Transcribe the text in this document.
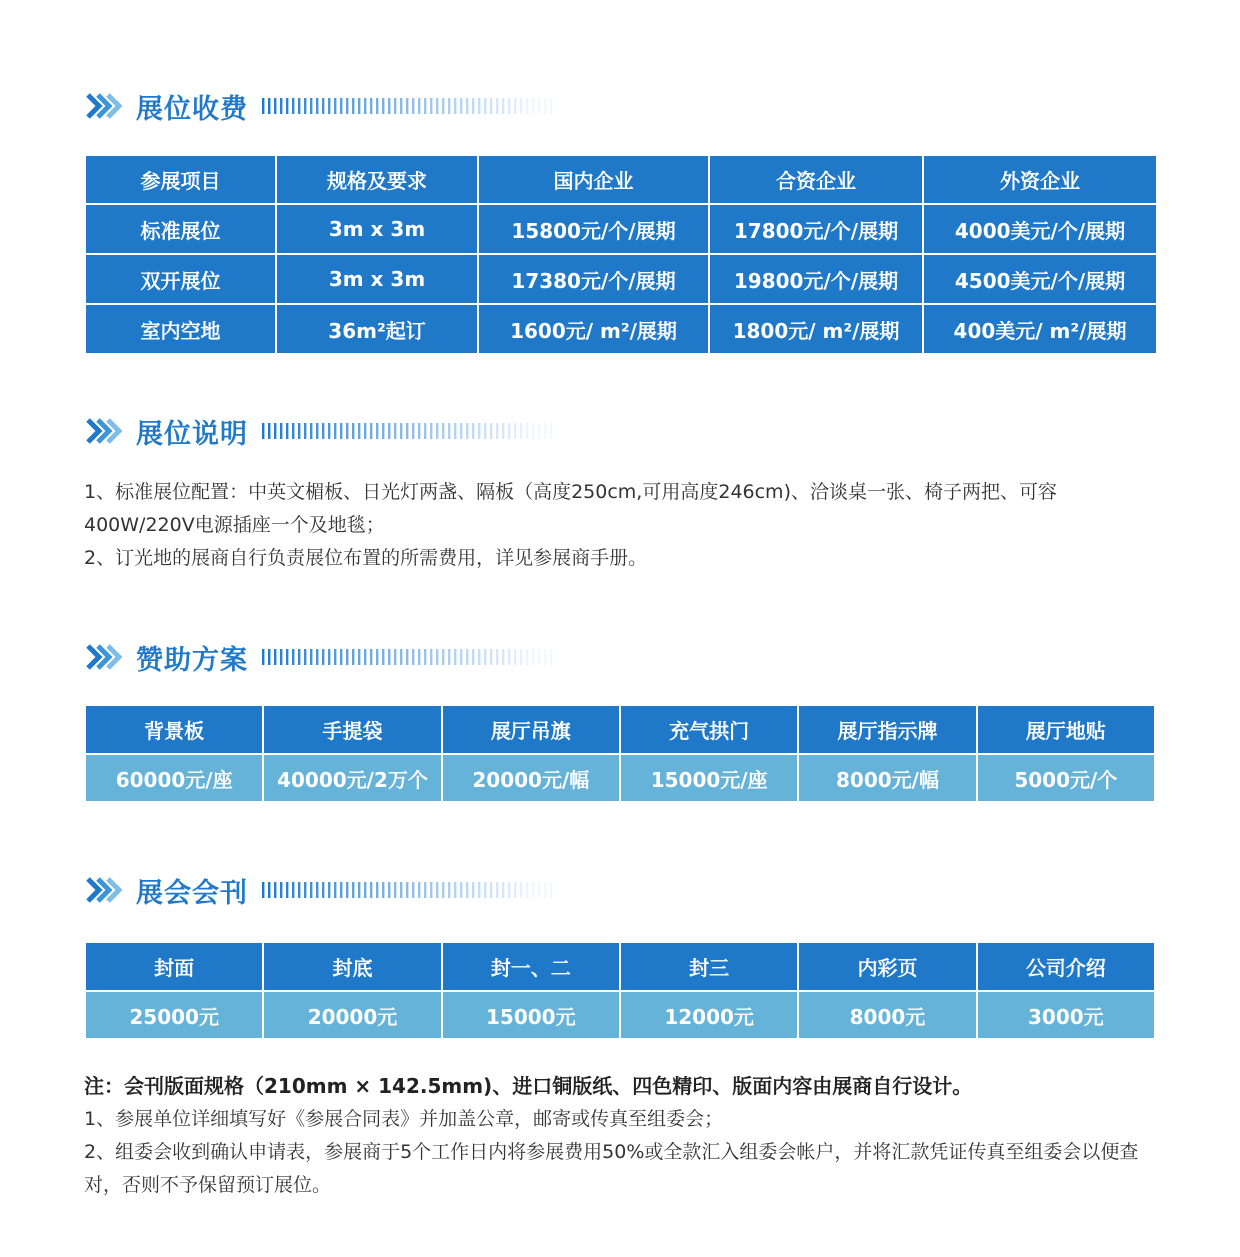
展位收费
参展项目	规格及要求	国内企业	合资企业	外资企业
标准展位	3m x 3m	15800元/个/展期	17800元/个/展期	4000美元/个/展期
双开展位	3m x 3m	17380元/个/展期	19800元/个/展期	4500美元/个/展期
室内空地	36m²起订	1600元/ m²/展期	1800元/ m²/展期	400美元/ m²/展期
展位说明

1、标准展位配置：中英文楣板、日光灯两盏、隔板（高度250cm,可用高度246cm)、洽谈桌一张、椅子两把、可容400W/220V电源插座一个及地毯；

2、订光地的展商自行负责展位布置的所需费用，详见参展商手册。

赞助方案
背景板	手提袋	展厅吊旗	充气拱门	展厅指示牌	展厅地贴
60000元/座	40000元/2万个	20000元/幅	15000元/座	8000元/幅	5000元/个
展会会刊
封面	封底	封一、二	封三	内彩页	公司介绍
25000元	20000元	15000元	12000元	8000元	3000元

注：会刊版面规格（210mm × 142.5mm)、进口铜版纸、四色精印、版面内容由展商自行设计。

1、参展单位详细填写好《参展合同表》并加盖公章，邮寄或传真至组委会；

2、组委会收到确认申请表，参展商于5个工作日内将参展费用50%或全款汇入组委会帐户，并将汇款凭证传真至组委会以便查对，否则不予保留预订展位。
